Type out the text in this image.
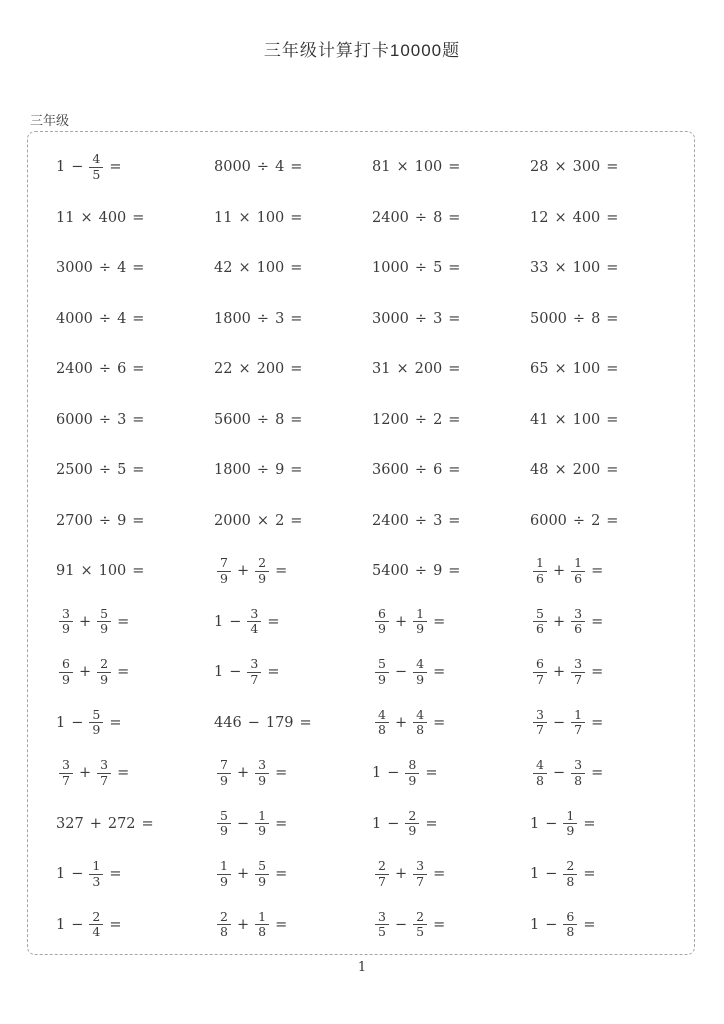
三年级计算打卡10000题
三年级
$1 - \frac{4}{5}$ =	8000 ÷ 4 =	81 × 100 =	28 × 300 =
11 × 400 =	11 × 100 =	2400 ÷ 8 =	12 × 400 =
3000 ÷ 4 =	42 × 100 =	1000 ÷ 5 =	33 × 100 =
4000 ÷ 4 =	1800 ÷ 3 =	3000 ÷ 3 =	5000 ÷ 8 =
2400 ÷ 6 =	22 × 200 =	31 × 200 =	65 × 100 =
6000 ÷ 3 =	5600 ÷ 8 =	1200 ÷ 2 =	41 × 100 =
2500 ÷ 5 =	1800 ÷ 9 =	3600 ÷ 6 =	48 × 200 =
2700 ÷ 9 =	2000 × 2 =	2400 ÷ 3 =	6000 ÷ 2 =
91 × 100 =	$\frac{7}{9} + \frac{2}{9}$ =	5400 ÷ 9 =	$\frac{1}{6} + \frac{1}{6}$ =
$\frac{3}{9} + \frac{5}{9}$ =	$1 - \frac{3}{4}$ =	$\frac{6}{9} + \frac{1}{9}$ =	$\frac{5}{6} + \frac{3}{6}$ =
$\frac{6}{9} + \frac{2}{9}$ =	$1 - \frac{3}{7}$ =	$\frac{5}{9} - \frac{4}{9}$ =	$\frac{6}{7} + \frac{3}{7}$ =
$1 - \frac{5}{9}$ =	446 − 179 =	$\frac{4}{8} + \frac{4}{8}$ =	$\frac{3}{7} - \frac{1}{7}$ =
$\frac{3}{7} + \frac{3}{7}$ =	$\frac{7}{9} + \frac{3}{9}$ =	$1 - \frac{8}{9}$ =	$\frac{4}{8} - \frac{3}{8}$ =
327 + 272 =	$\frac{5}{9} - \frac{1}{9}$ =	$1 - \frac{2}{9}$ =	$1 - \frac{1}{9}$ =
$1 - \frac{1}{3}$ =	$\frac{1}{9} + \frac{5}{9}$ =	$\frac{2}{7} + \frac{3}{7}$ =	$1 - \frac{2}{8}$ =
$1 - \frac{2}{4}$ =	$\frac{2}{8} + \frac{1}{8}$ =	$\frac{3}{5} - \frac{2}{5}$ =	$1 - \frac{6}{8}$ =
1
